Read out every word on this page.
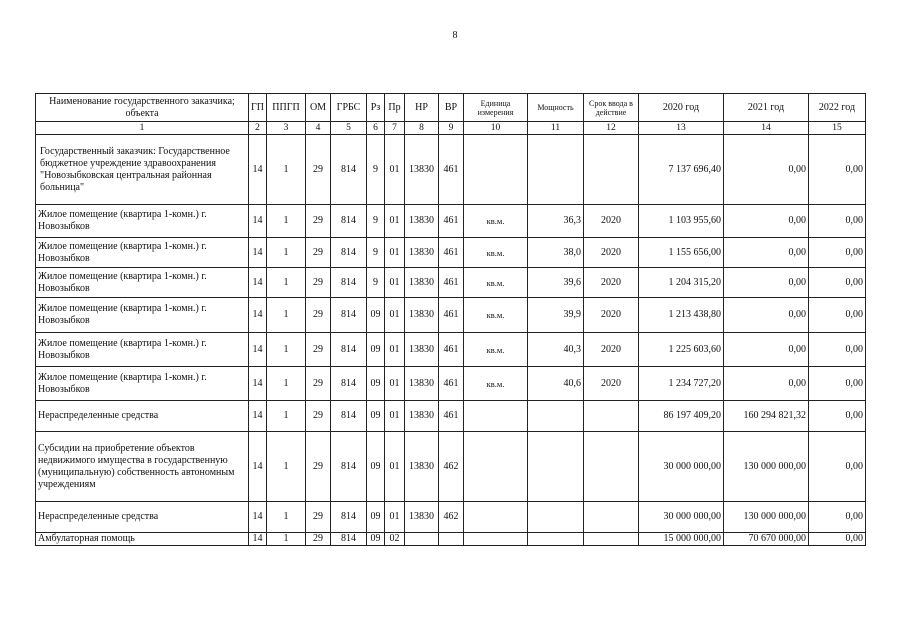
8
Наименование государственного заказчика; объекта	ГП	ППГП	ОМ	ГРБС	Рз	Пр	НР	ВР	Единица измерения	Мощность	Срок ввода в действие	2020 год	2021 год	2022 год
1	2	3	4	5	6	7	8	9	10	11	12	13	14	15
Государственный заказчик: Государственное бюджетное учреждение здравоохранения "Новозыбковская центральная районная больница"	14	1	29	814	9	01	13830	461				7 137 696,40	0,00	0,00
Жилое помещение (квартира 1-комн.) г. Новозыбков	14	1	29	814	9	01	13830	461	кв.м.	36,3	2020	1 103 955,60	0,00	0,00
Жилое помещение (квартира 1-комн.) г. Новозыбков	14	1	29	814	9	01	13830	461	кв.м.	38,0	2020	1 155 656,00	0,00	0,00
Жилое помещение (квартира 1-комн.) г. Новозыбков	14	1	29	814	9	01	13830	461	кв.м.	39,6	2020	1 204 315,20	0,00	0,00
Жилое помещение (квартира 1-комн.) г. Новозыбков	14	1	29	814	09	01	13830	461	кв.м.	39,9	2020	1 213 438,80	0,00	0,00
Жилое помещение (квартира 1-комн.) г. Новозыбков	14	1	29	814	09	01	13830	461	кв.м.	40,3	2020	1 225 603,60	0,00	0,00
Жилое помещение (квартира 1-комн.) г. Новозыбков	14	1	29	814	09	01	13830	461	кв.м.	40,6	2020	1 234 727,20	0,00	0,00
Нераспределенные средства	14	1	29	814	09	01	13830	461				86 197 409,20	160 294 821,32	0,00
Субсидии на приобретение объектов недвижимого имущества в государственную (муниципальную) собственность автономным учреждениям	14	1	29	814	09	01	13830	462				30 000 000,00	130 000 000,00	0,00
Нераспределенные средства	14	1	29	814	09	01	13830	462				30 000 000,00	130 000 000,00	0,00
Амбулаторная помощь	14	1	29	814	09	02						15 000 000,00	70 670 000,00	0,00
